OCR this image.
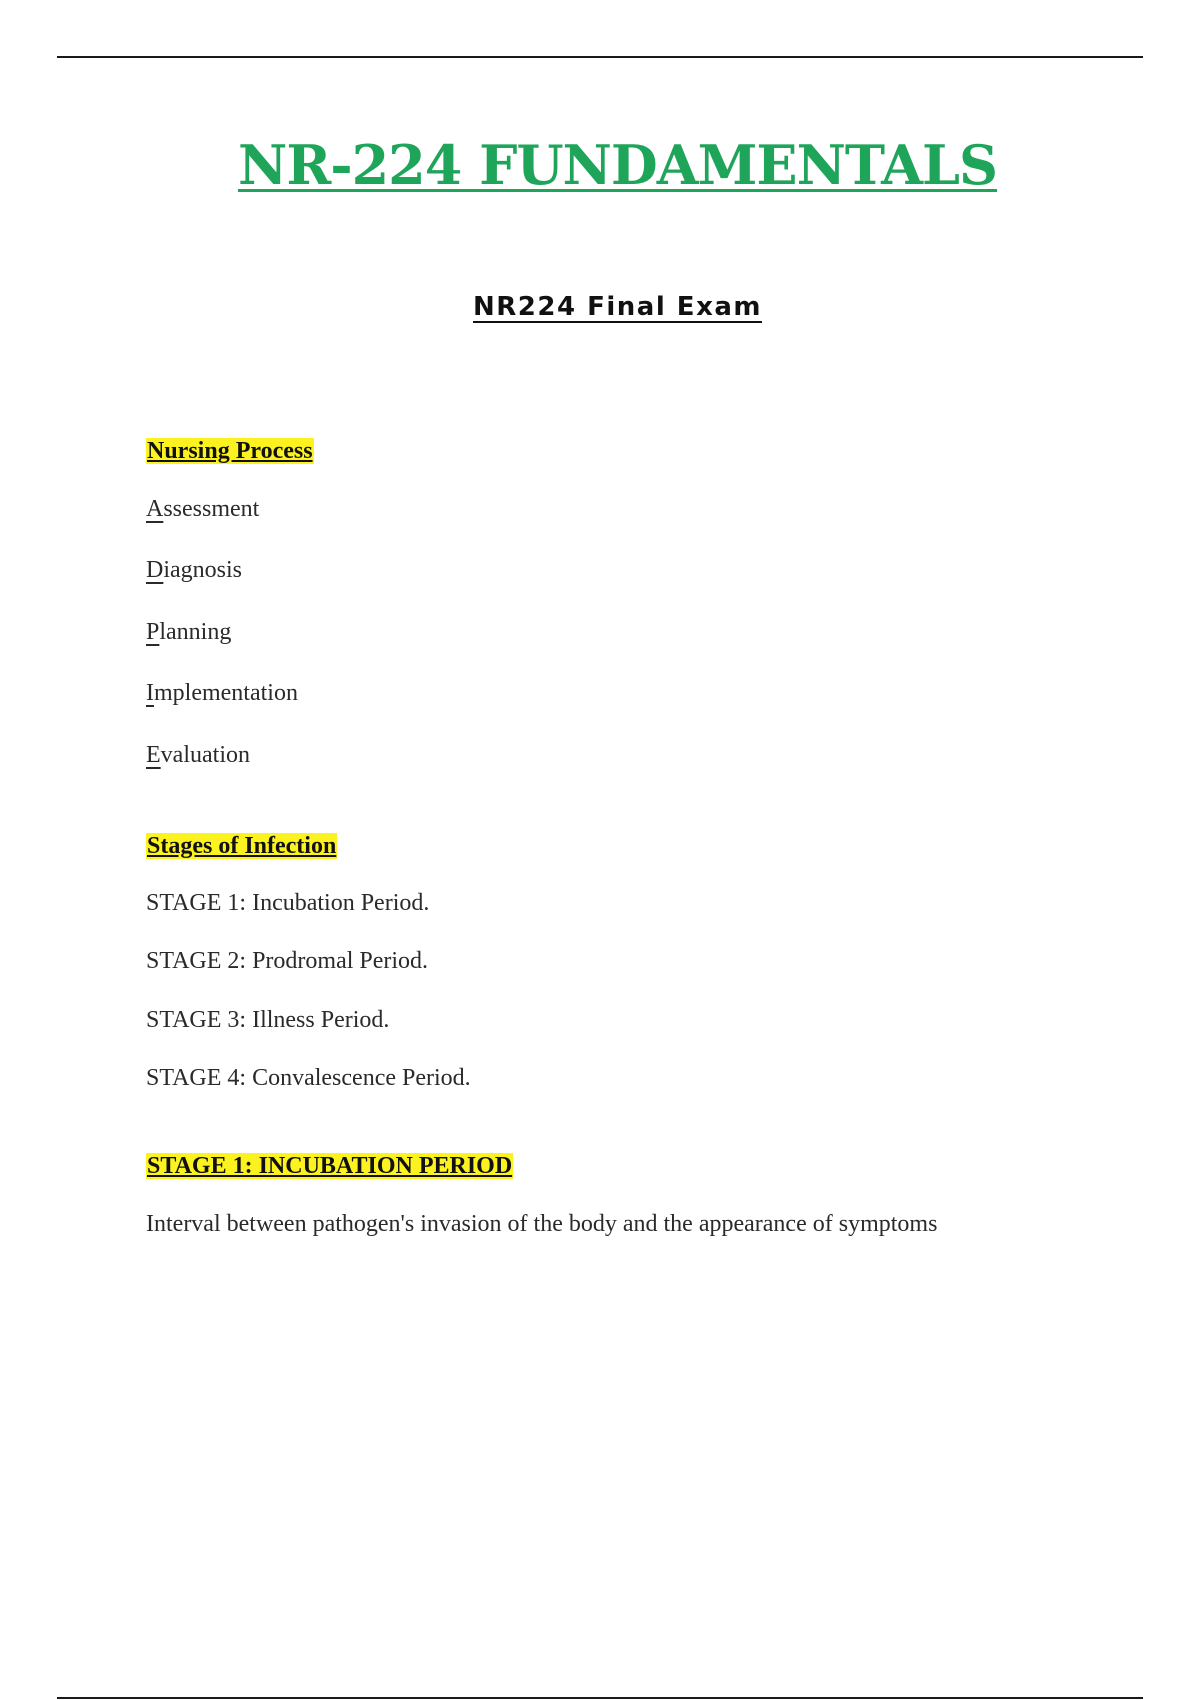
NR-224 FUNDAMENTALS
NR224 Final Exam
Nursing Process

Assessment

Diagnosis

Planning

Implementation

Evaluation

Stages of Infection

STAGE 1: Incubation Period.

STAGE 2: Prodromal Period.

STAGE 3: Illness Period.

STAGE 4: Convalescence Period.

STAGE 1: INCUBATION PERIOD

Interval between pathogen's invasion of the body and the appearance of symptoms
